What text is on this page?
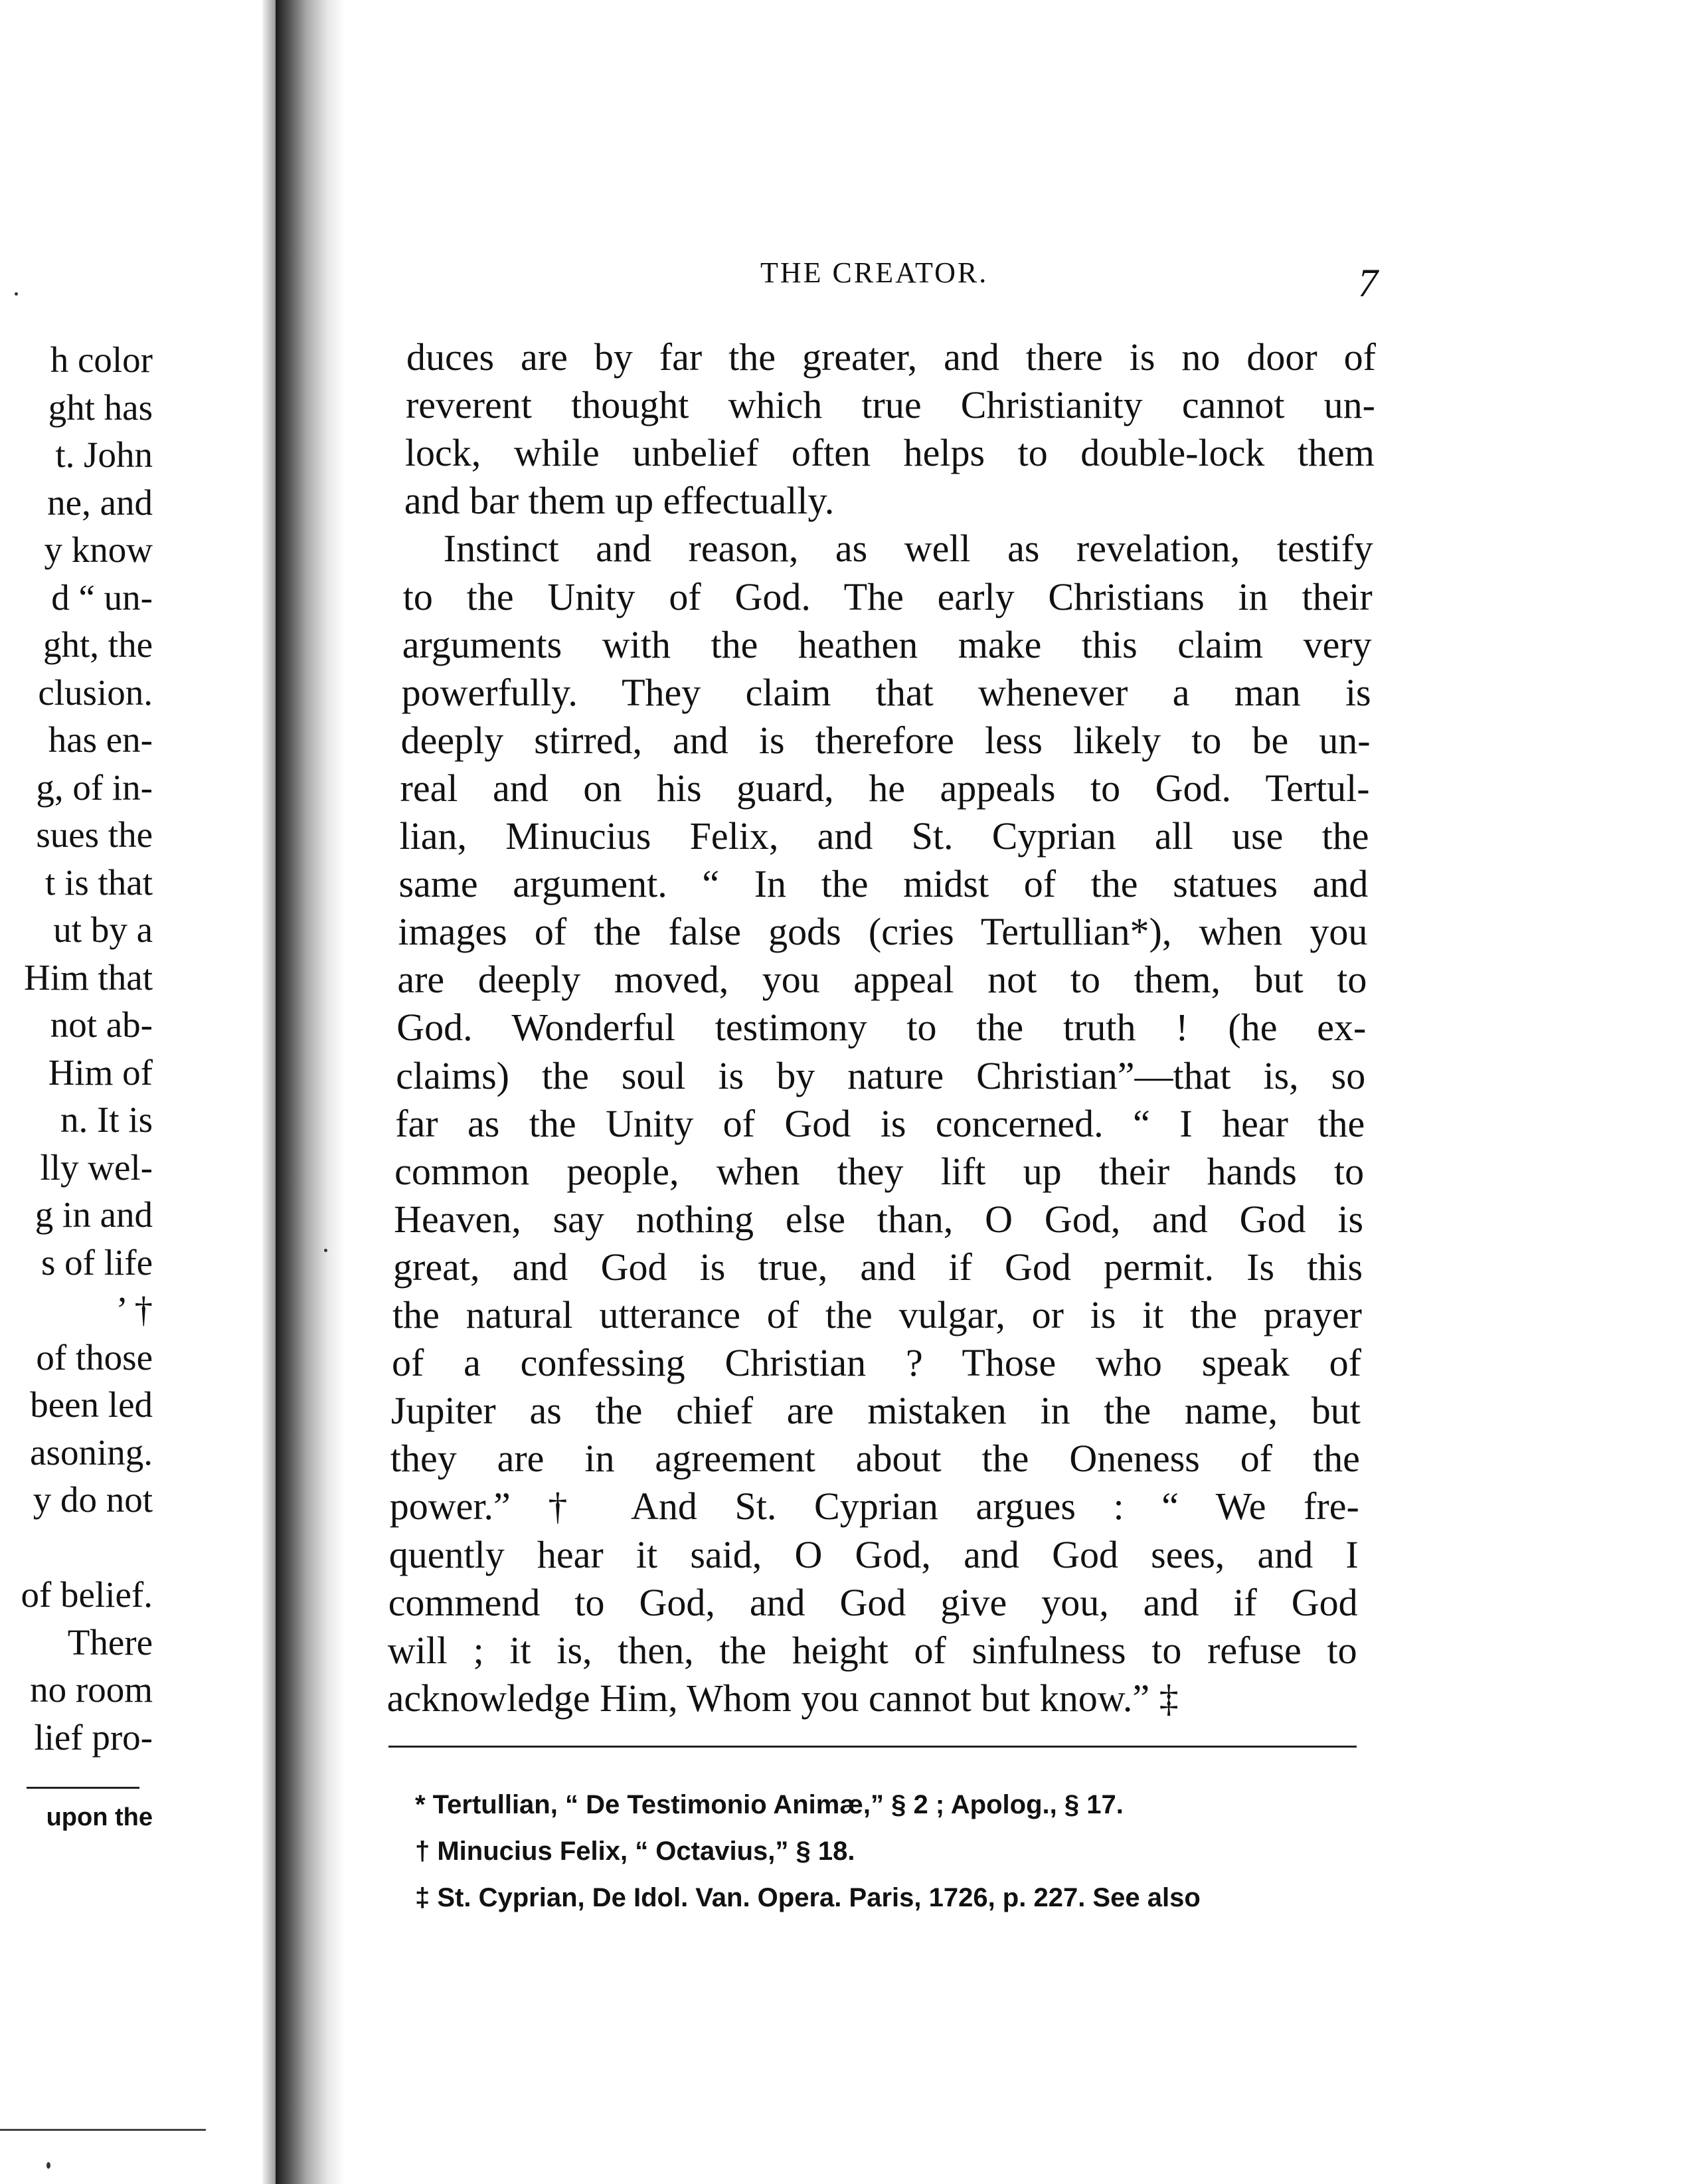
h color
ght has
t. John
ne, and
y know
d “ un-
ght, the
clusion.
has en-
g, of in-
sues the
t is that
ut by a
Him that
not ab-
Him of
n. It is
lly wel-
g in and
s of life
’ †
of those
been led
asoning.
y do not
of belief.
There
no room
lief pro-
upon the
THE CREATOR.	7
duces are by far the greater, and there is no door of
reverent thought which true Christianity cannot un-
lock, while unbelief often helps to double-lock them
and bar them up effectually.
Instinct and reason, as well as revelation, testify
to the Unity of God. The early Christians in their
arguments with the heathen make this claim very
powerfully. They claim that whenever a man is
deeply stirred, and is therefore less likely to be un-
real and on his guard, he appeals to God. Tertul-
lian, Minucius Felix, and St. Cyprian all use the
same argument. “ In the midst of the statues and
images of the false gods (cries Tertullian*), when you
are deeply moved, you appeal not to them, but to
God. Wonderful testimony to the truth ! (he ex-
claims) the soul is by nature Christian”—that is, so
far as the Unity of God is concerned. “ I hear the
common people, when they lift up their hands to
Heaven, say nothing else than, O God, and God is
great, and God is true, and if God permit. Is this
the natural utterance of the vulgar, or is it the prayer
of a confessing Christian ? Those who speak of
Jupiter as the chief are mistaken in the name, but
they are in agreement about the Oneness of the
power.” † And St. Cyprian argues : “ We fre-
quently hear it said, O God, and God sees, and I
commend to God, and God give you, and if God
will ; it is, then, the height of sinfulness to refuse to
acknowledge Him, Whom you cannot but know.” ‡
* Tertullian, “ De Testimonio Animæ,” § 2 ; Apolog., § 17.
† Minucius Felix, “ Octavius,” § 18.
‡ St. Cyprian, De Idol. Van. Opera. Paris, 1726, p. 227. See also
